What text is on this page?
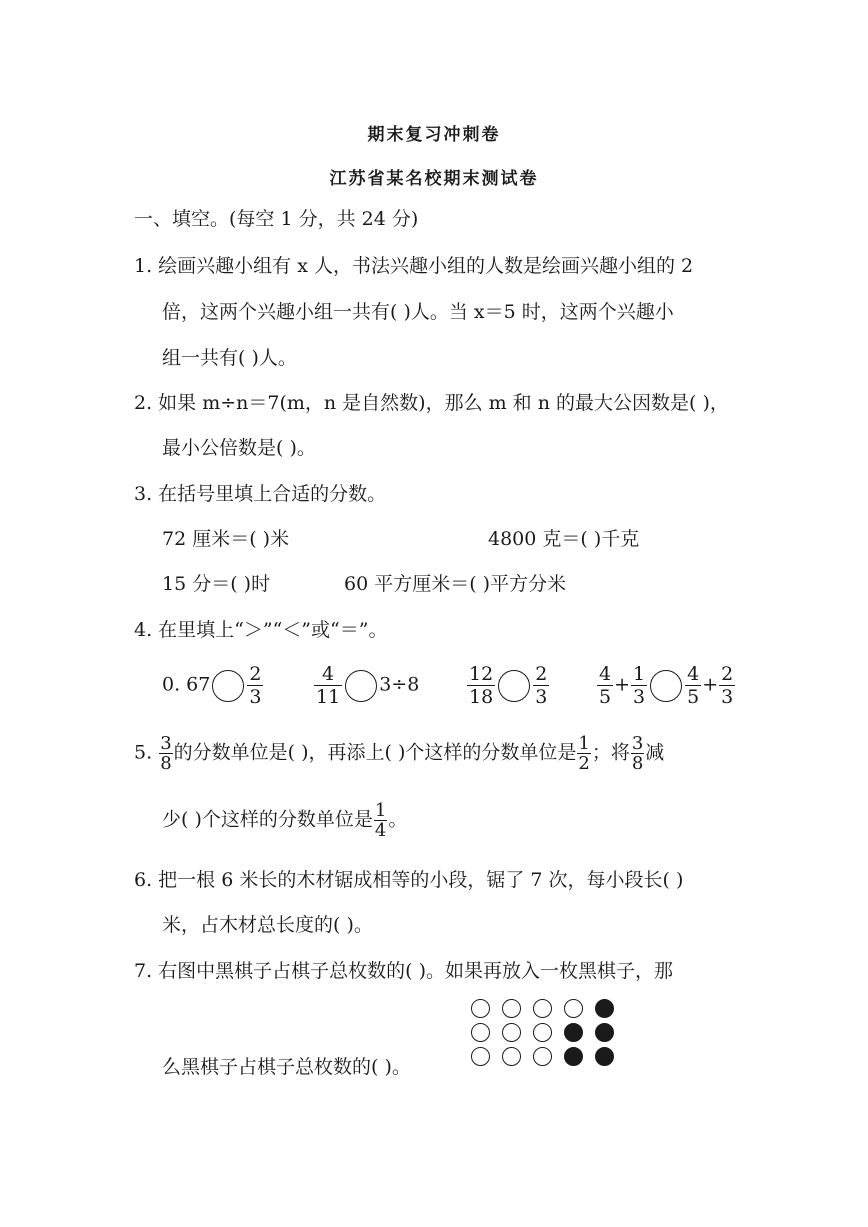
期末复习冲刺卷
江苏省某名校期末测试卷
一、填空。(每空 1 分，共 24 分)
1. 绘画兴趣小组有 x 人，书法兴趣小组的人数是绘画兴趣小组的 2
倍，这两个兴趣小组一共有( )人。当 x＝5 时，这两个兴趣小
组一共有( )人。
2. 如果 m÷n＝7(m，n 是自然数)，那么 m 和 n 的最大公因数是( )，
最小公倍数是( )。
3. 在括号里填上合适的分数。
72 厘米＝( )米	4800 克＝( )千克
15 分＝( )时	60 平方厘米＝( )平方分米
4. 在里填上“＞”“＜”或“＝”。
0. $67 \frac{2}{3}$	$\frac{4}{11} 3\div 8$	$\frac{12}{18} \frac{2}{3}$	$\frac{4}{5} + \frac{1}{3} \frac{4}{5} + \frac{2}{3}$
5. $\frac{3}{8}$ 的分数单位是( )，再添上( )个这样的分数单位是 $\frac{1}{2}$ ；将 $\frac{3}{8}$ 减
少( )个这样的分数单位是 $\frac{1}{4}$ 。
6. 把一根 6 米长的木材锯成相等的小段，锯了 7 次，每小段长( )
米，占木材总长度的( )。
7. 右图中黑棋子占棋子总枚数的( )。如果再放入一枚黑棋子，那
么黑棋子占棋子总枚数的( )。
